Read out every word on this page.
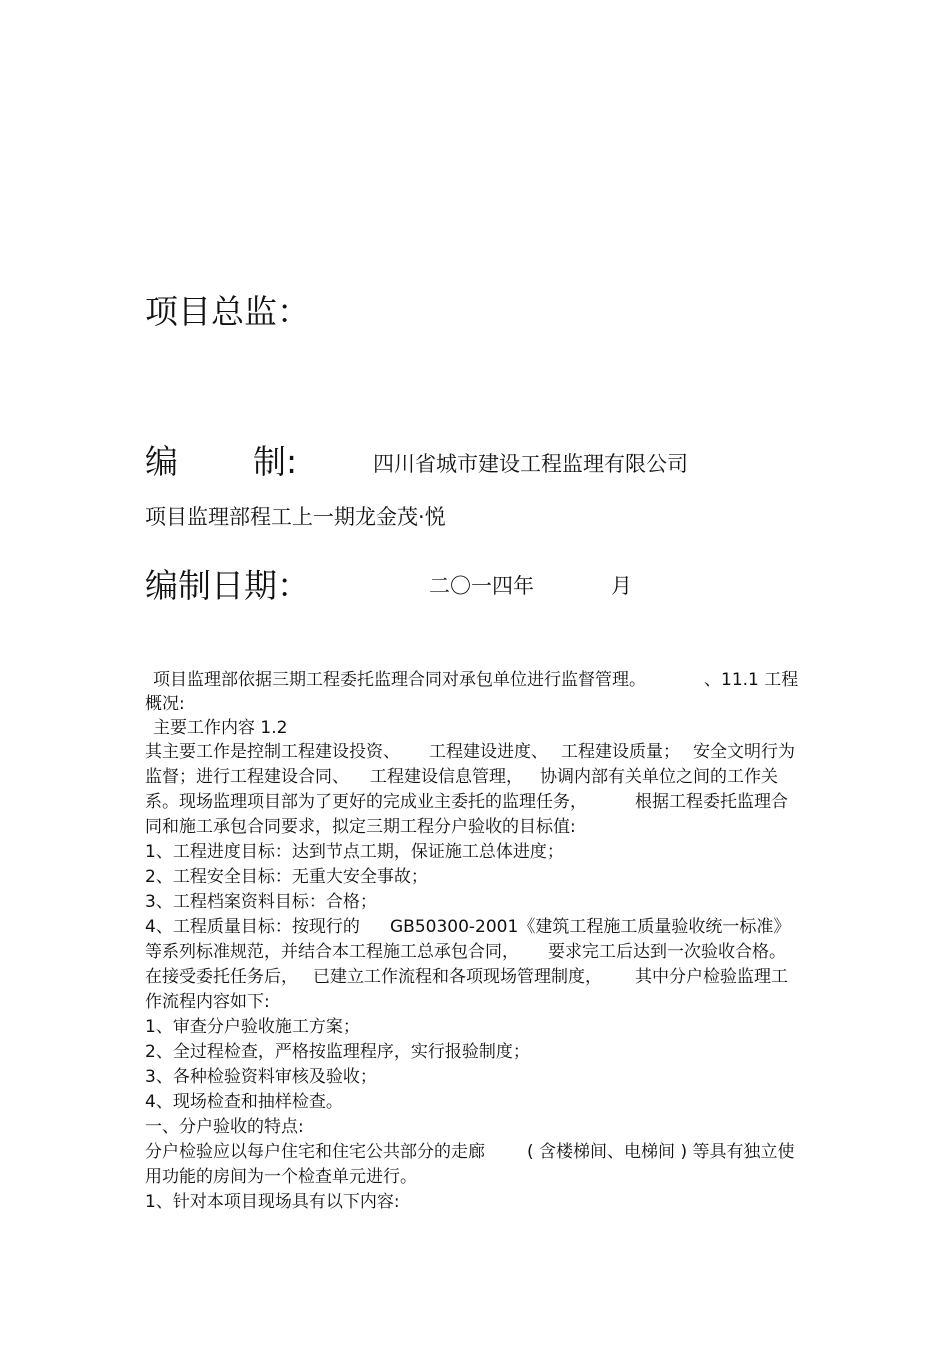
项目总监：
编 制:	四川省城市建设工程监理有限公司
项目监理部程工上一期龙金茂·悦
编制日期：	二〇一四年	月
项目监理部依据三期工程委托监理合同对承包单位进行监督管理。	、11.1 工程
概况:
主要工作内容 1.2
其主要工作是控制工程建设投资、 工程建设进度、 工程建设质量； 安全文明行为
监督；进行工程建设合同、 工程建设信息管理， 协调内部有关单位之间的工作关
系。现场监理项目部为了更好的完成业主委托的监理任务，	根据工程委托监理合
同和施工承包合同要求，拟定三期工程分户验收的目标值:
1、工程进度目标：达到节点工期，保证施工总体进度；
2、工程安全目标：无重大安全事故；
3、工程档案资料目标：合格；
4、工程质量目标：按现行的 GB50300-2001《建筑工程施工质量验收统一标准》
等系列标准规范，并结合本工程施工总承包合同， 要求完工后达到一次验收合格。
在接受委托任务后， 已建立工作流程和各项现场管理制度， 其中分户检验监理工
作流程内容如下:
1、审查分户验收施工方案；
2、全过程检查，严格按监理程序，实行报验制度；
3、各种检验资料审核及验收；
4、现场检查和抽样检查。
一、分户验收的特点:
分户检验应以每户住宅和住宅公共部分的走廊 ( 含楼梯间、电梯间 ) 等具有独立使
用功能的房间为一个检查单元进行。
1、针对本项目现场具有以下内容:
